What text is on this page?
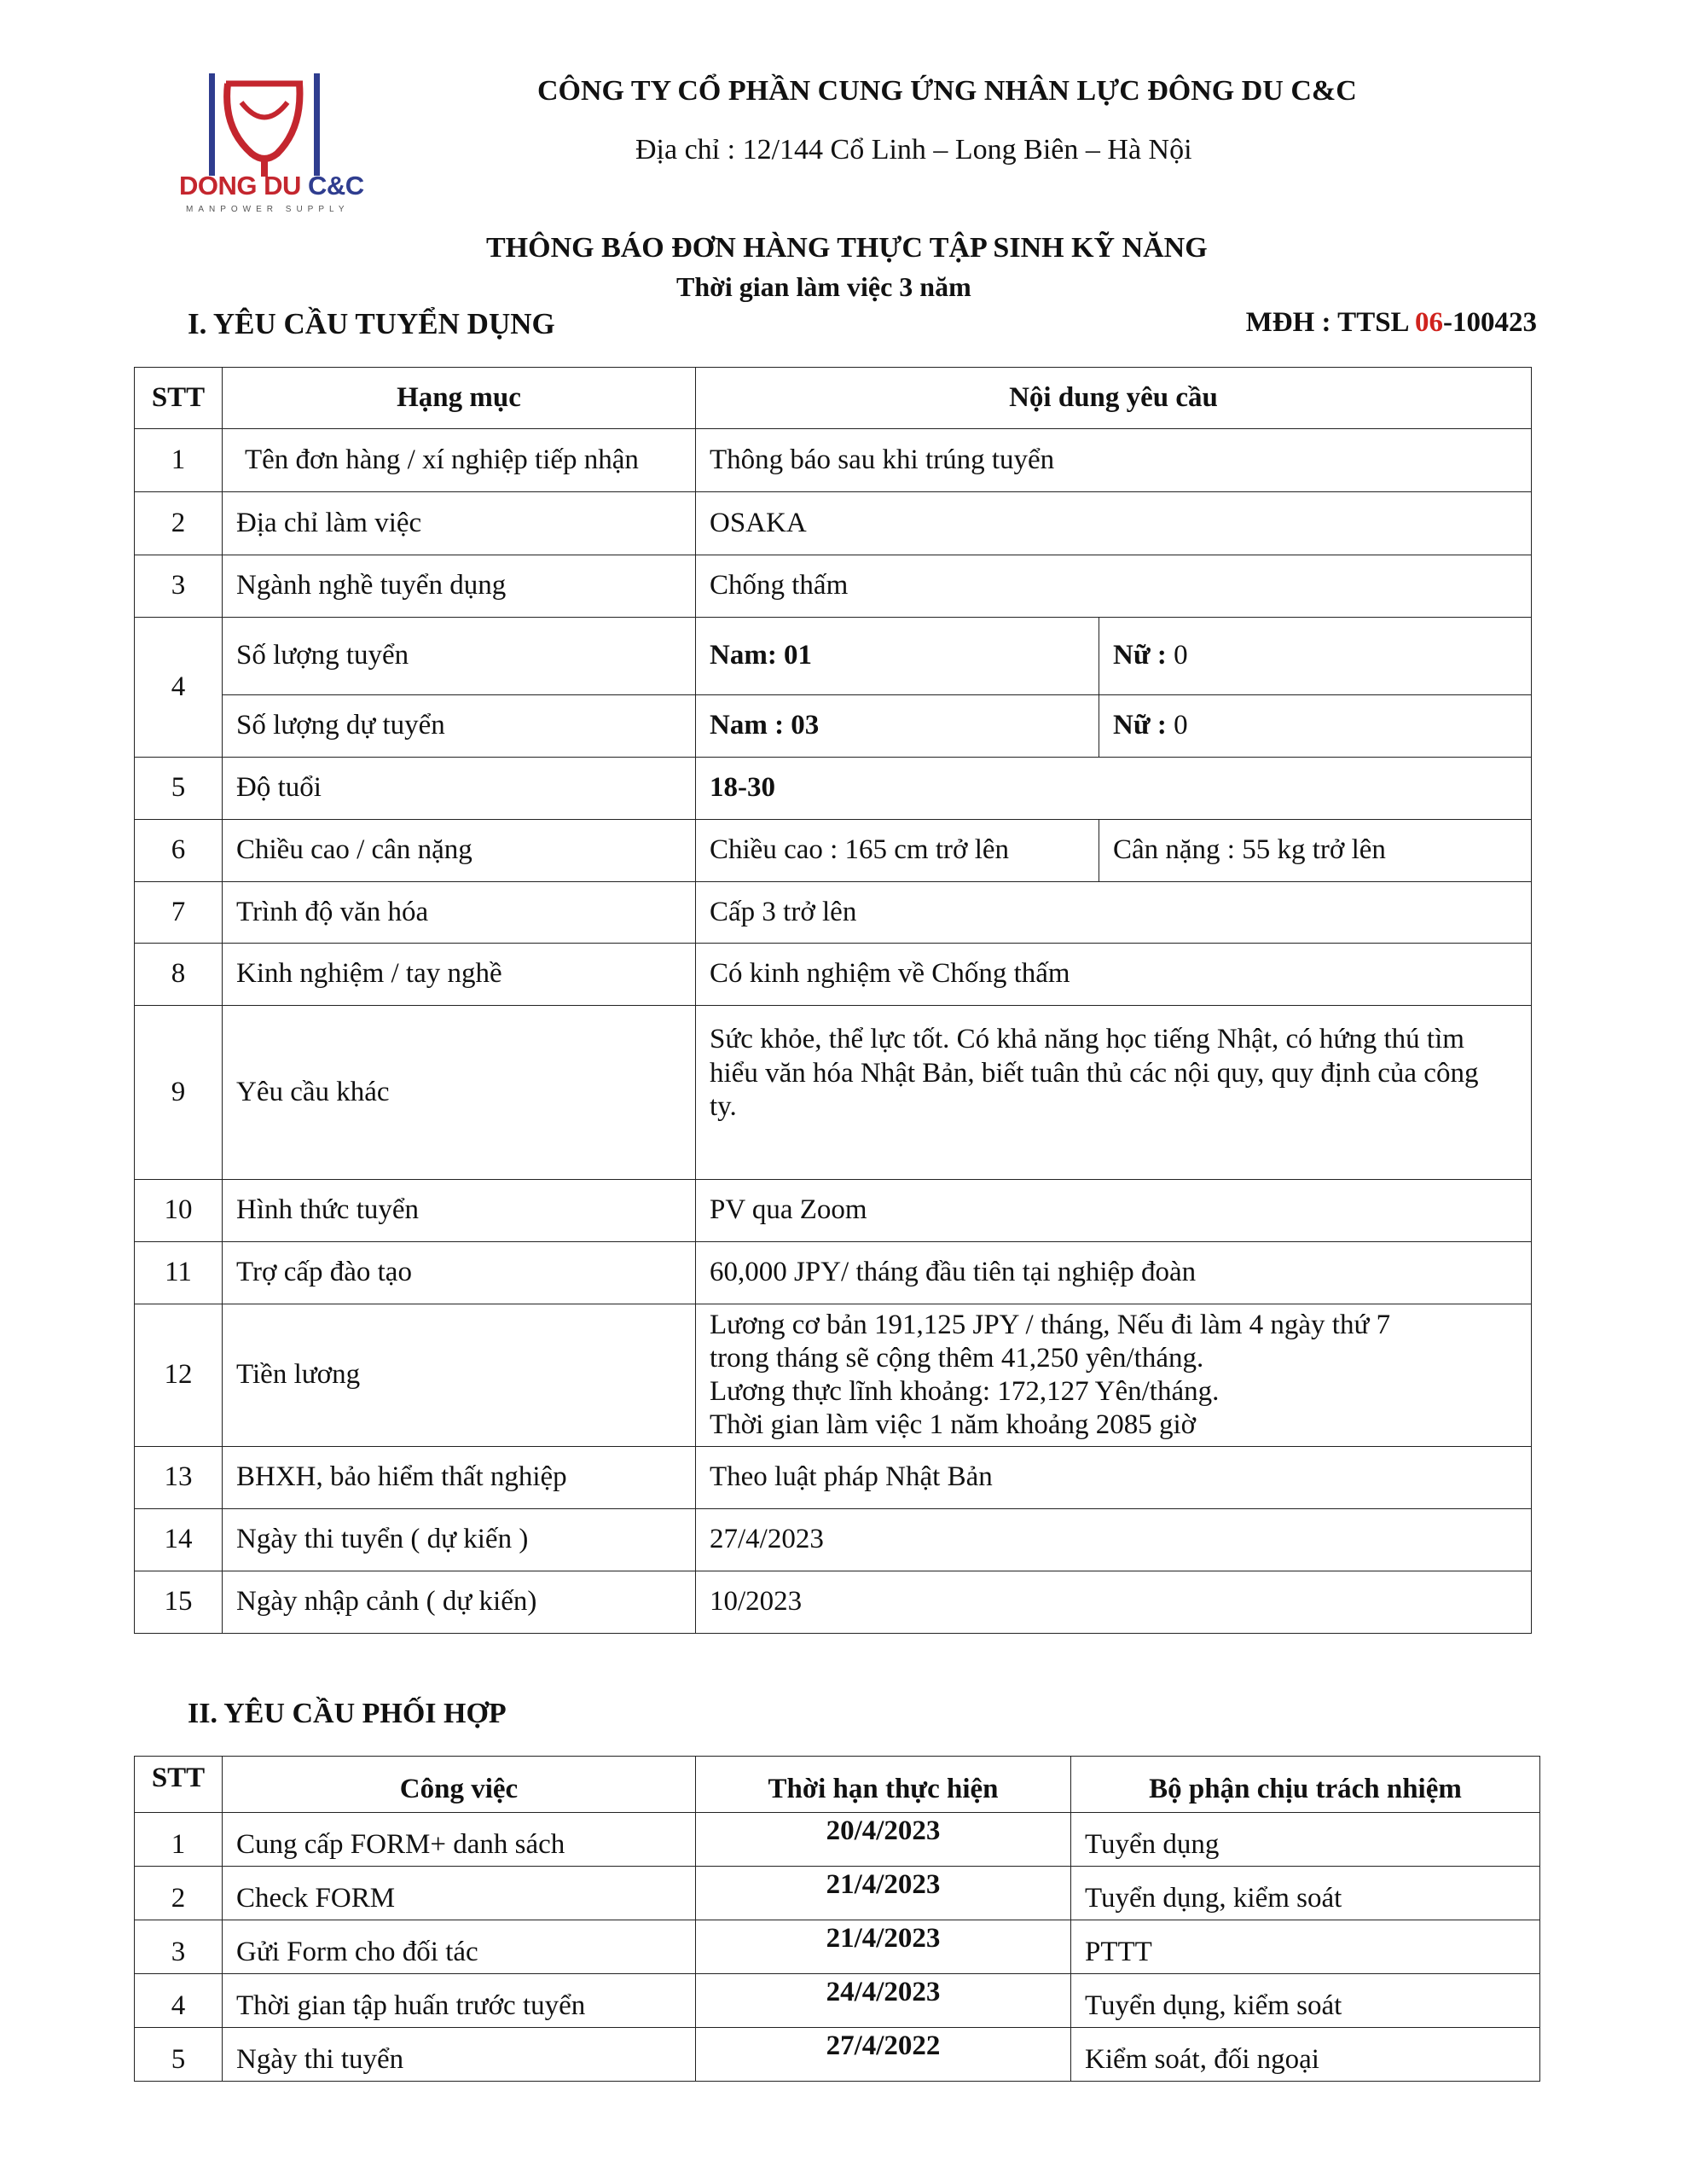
DONG DU C&C
MANPOWER SUPPLY
CÔNG TY CỔ PHẦN CUNG ỨNG NHÂN LỰC ĐÔNG DU C&C
Địa chỉ : 12/144 Cổ Linh – Long Biên – Hà Nội
THÔNG BÁO ĐƠN HÀNG THỰC TẬP SINH KỸ NĂNG
Thời gian làm việc 3 năm
I. YÊU CẦU TUYỂN DỤNG	MĐH : TTSL 06-100423
STT	Hạng mục	Nội dung yêu cầu	
1	Tên đơn hàng / xí nghiệp tiếp nhận	Thông báo sau khi trúng tuyển	
2	Địa chỉ làm việc	OSAKA	
3	Ngành nghề tuyển dụng	Chống thấm	
4	Số lượng tuyển	Nam: 01	Nữ : 0
	Số lượng dự tuyển	Nam : 03	Nữ : 0
5	Độ tuổi	18-30	
6	Chiều cao / cân nặng	Chiều cao : 165 cm trở lên	Cân nặng : 55 kg trở lên
7	Trình độ văn hóa	Cấp 3 trở lên	
8	Kinh nghiệm / tay nghề	Có kinh nghiệm về Chống thấm	
9	Yêu cầu khác	Sức khỏe, thể lực tốt. Có khả năng học tiếng Nhật, có hứng thú tìm hiểu văn hóa Nhật Bản, biết tuân thủ các nội quy, quy định của công ty.	
10	Hình thức tuyển	PV qua Zoom	
11	Trợ cấp đào tạo	60,000 JPY/ tháng đầu tiên tại nghiệp đoàn	
12	Tiền lương	Lương cơ bản 191,125 JPY / tháng, Nếu đi làm 4 ngày thứ 7
trong tháng sẽ cộng thêm 41,250 yên/tháng.
Lương thực lĩnh khoảng: 172,127 Yên/tháng.
Thời gian làm việc 1 năm khoảng 2085 giờ	

13	BHXH, bảo hiểm thất nghiệp	Theo luật pháp Nhật Bản	
14	Ngày thi tuyển ( dự kiến )	27/4/2023	
15	Ngày nhập cảnh ( dự kiến)	10/2023	
II. YÊU CẦU PHỐI HỢP
STT	Công việc	Thời hạn thực hiện	Bộ phận chịu trách nhiệm
1	Cung cấp FORM+ danh sách	20/4/2023	Tuyển dụng
2	Check FORM	21/4/2023	Tuyển dụng, kiểm soát
3	Gửi Form cho đối tác	21/4/2023	PTTT
4	Thời gian tập huấn trước tuyển	24/4/2023	Tuyển dụng, kiểm soát
5	Ngày thi tuyển	27/4/2022	Kiểm soát, đối ngoại
